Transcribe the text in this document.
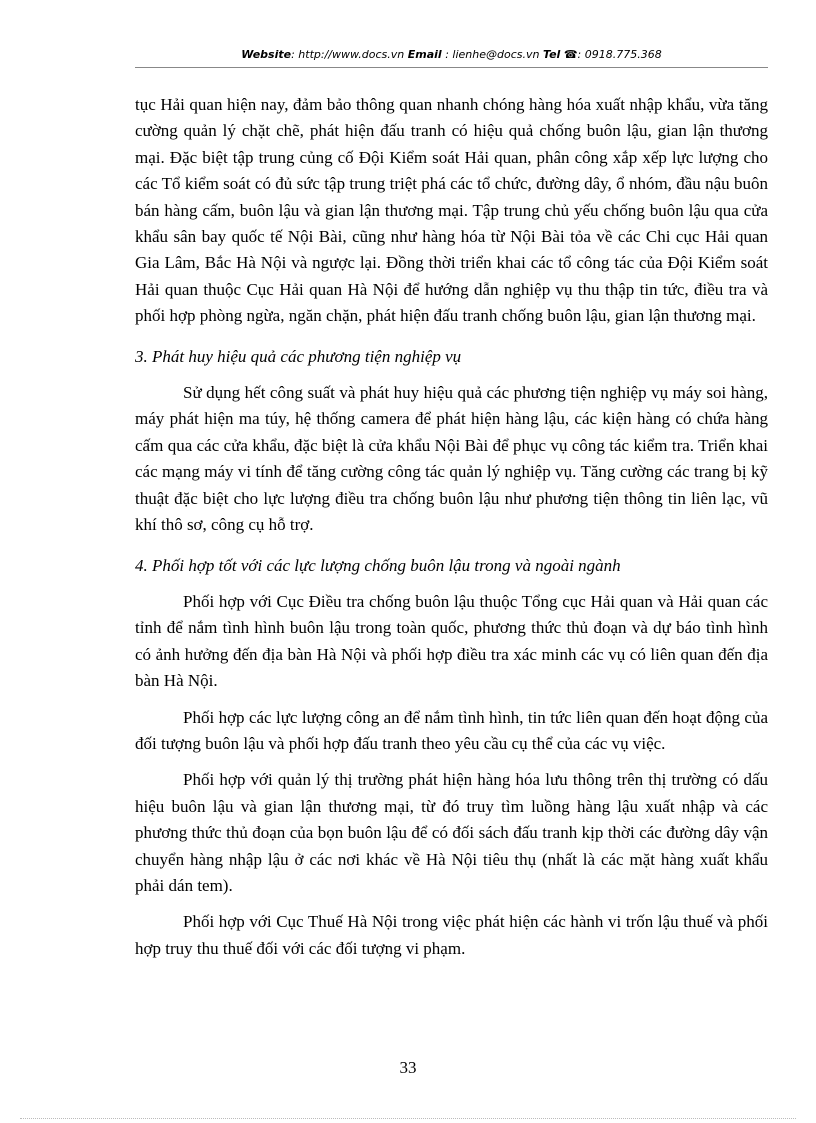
Website: http://www.docs.vn Email : lienhe@docs.vn Tel ☎: 0918.775.368

tục Hải quan hiện nay, đảm bảo thông quan nhanh chóng hàng hóa xuất nhập khẩu, vừa tăng cường quản lý chặt chẽ, phát hiện đấu tranh có hiệu quả chống buôn lậu, gian lận thương mại. Đặc biệt tập trung củng cố Đội Kiểm soát Hải quan, phân công xắp xếp lực lượng cho các Tổ kiểm soát có đủ sức tập trung triệt phá các tổ chức, đường dây, ổ nhóm, đầu nậu buôn bán hàng cấm, buôn lậu và gian lận thương mại. Tập trung chủ yếu chống buôn lậu qua cửa khẩu sân bay quốc tế Nội Bài, cũng như hàng hóa từ Nội Bài tỏa về các Chi cục Hải quan Gia Lâm, Bắc Hà Nội và ngược lại. Đồng thời triển khai các tổ công tác của Đội Kiểm soát Hải quan thuộc Cục Hải quan Hà Nội để hướng dẫn nghiệp vụ thu thập tin tức, điều tra và phối hợp phòng ngừa, ngăn chặn, phát hiện đấu tranh chống buôn lậu, gian lận thương mại.

3. Phát huy hiệu quả các phương tiện nghiệp vụ

Sử dụng hết công suất và phát huy hiệu quả các phương tiện nghiệp vụ máy soi hàng, máy phát hiện ma túy, hệ thống camera để phát hiện hàng lậu, các kiện hàng có chứa hàng cấm qua các cửa khẩu, đặc biệt là cửa khẩu Nội Bài để phục vụ công tác kiểm tra. Triển khai các mạng máy vi tính để tăng cường công tác quản lý nghiệp vụ. Tăng cường các trang bị kỹ thuật đặc biệt cho lực lượng điều tra chống buôn lậu như phương tiện thông tin liên lạc, vũ khí thô sơ, công cụ hỗ trợ.

4. Phối hợp tốt với các lực lượng chống buôn lậu trong và ngoài ngành

Phối hợp với Cục Điều tra chống buôn lậu thuộc Tổng cục Hải quan và Hải quan các tỉnh để nắm tình hình buôn lậu trong toàn quốc, phương thức thủ đoạn và dự báo tình hình có ảnh hưởng đến địa bàn Hà Nội và phối hợp điều tra xác minh các vụ có liên quan đến địa bàn Hà Nội.

Phối hợp các lực lượng công an để nắm tình hình, tin tức liên quan đến hoạt động của đối tượng buôn lậu và phối hợp đấu tranh theo yêu cầu cụ thể của các vụ việc.

Phối hợp với quản lý thị trường phát hiện hàng hóa lưu thông trên thị trường có dấu hiệu buôn lậu và gian lận thương mại, từ đó truy tìm luồng hàng lậu xuất nhập và các phương thức thủ đoạn của bọn buôn lậu để có đối sách đấu tranh kịp thời các đường dây vận chuyển hàng nhập lậu ở các nơi khác về Hà Nội tiêu thụ (nhất là các mặt hàng xuất khẩu phải dán tem).

Phối hợp với Cục Thuế Hà Nội trong việc phát hiện các hành vi trốn lậu thuế và phối hợp truy thu thuế đối với các đối tượng vi phạm.

33
